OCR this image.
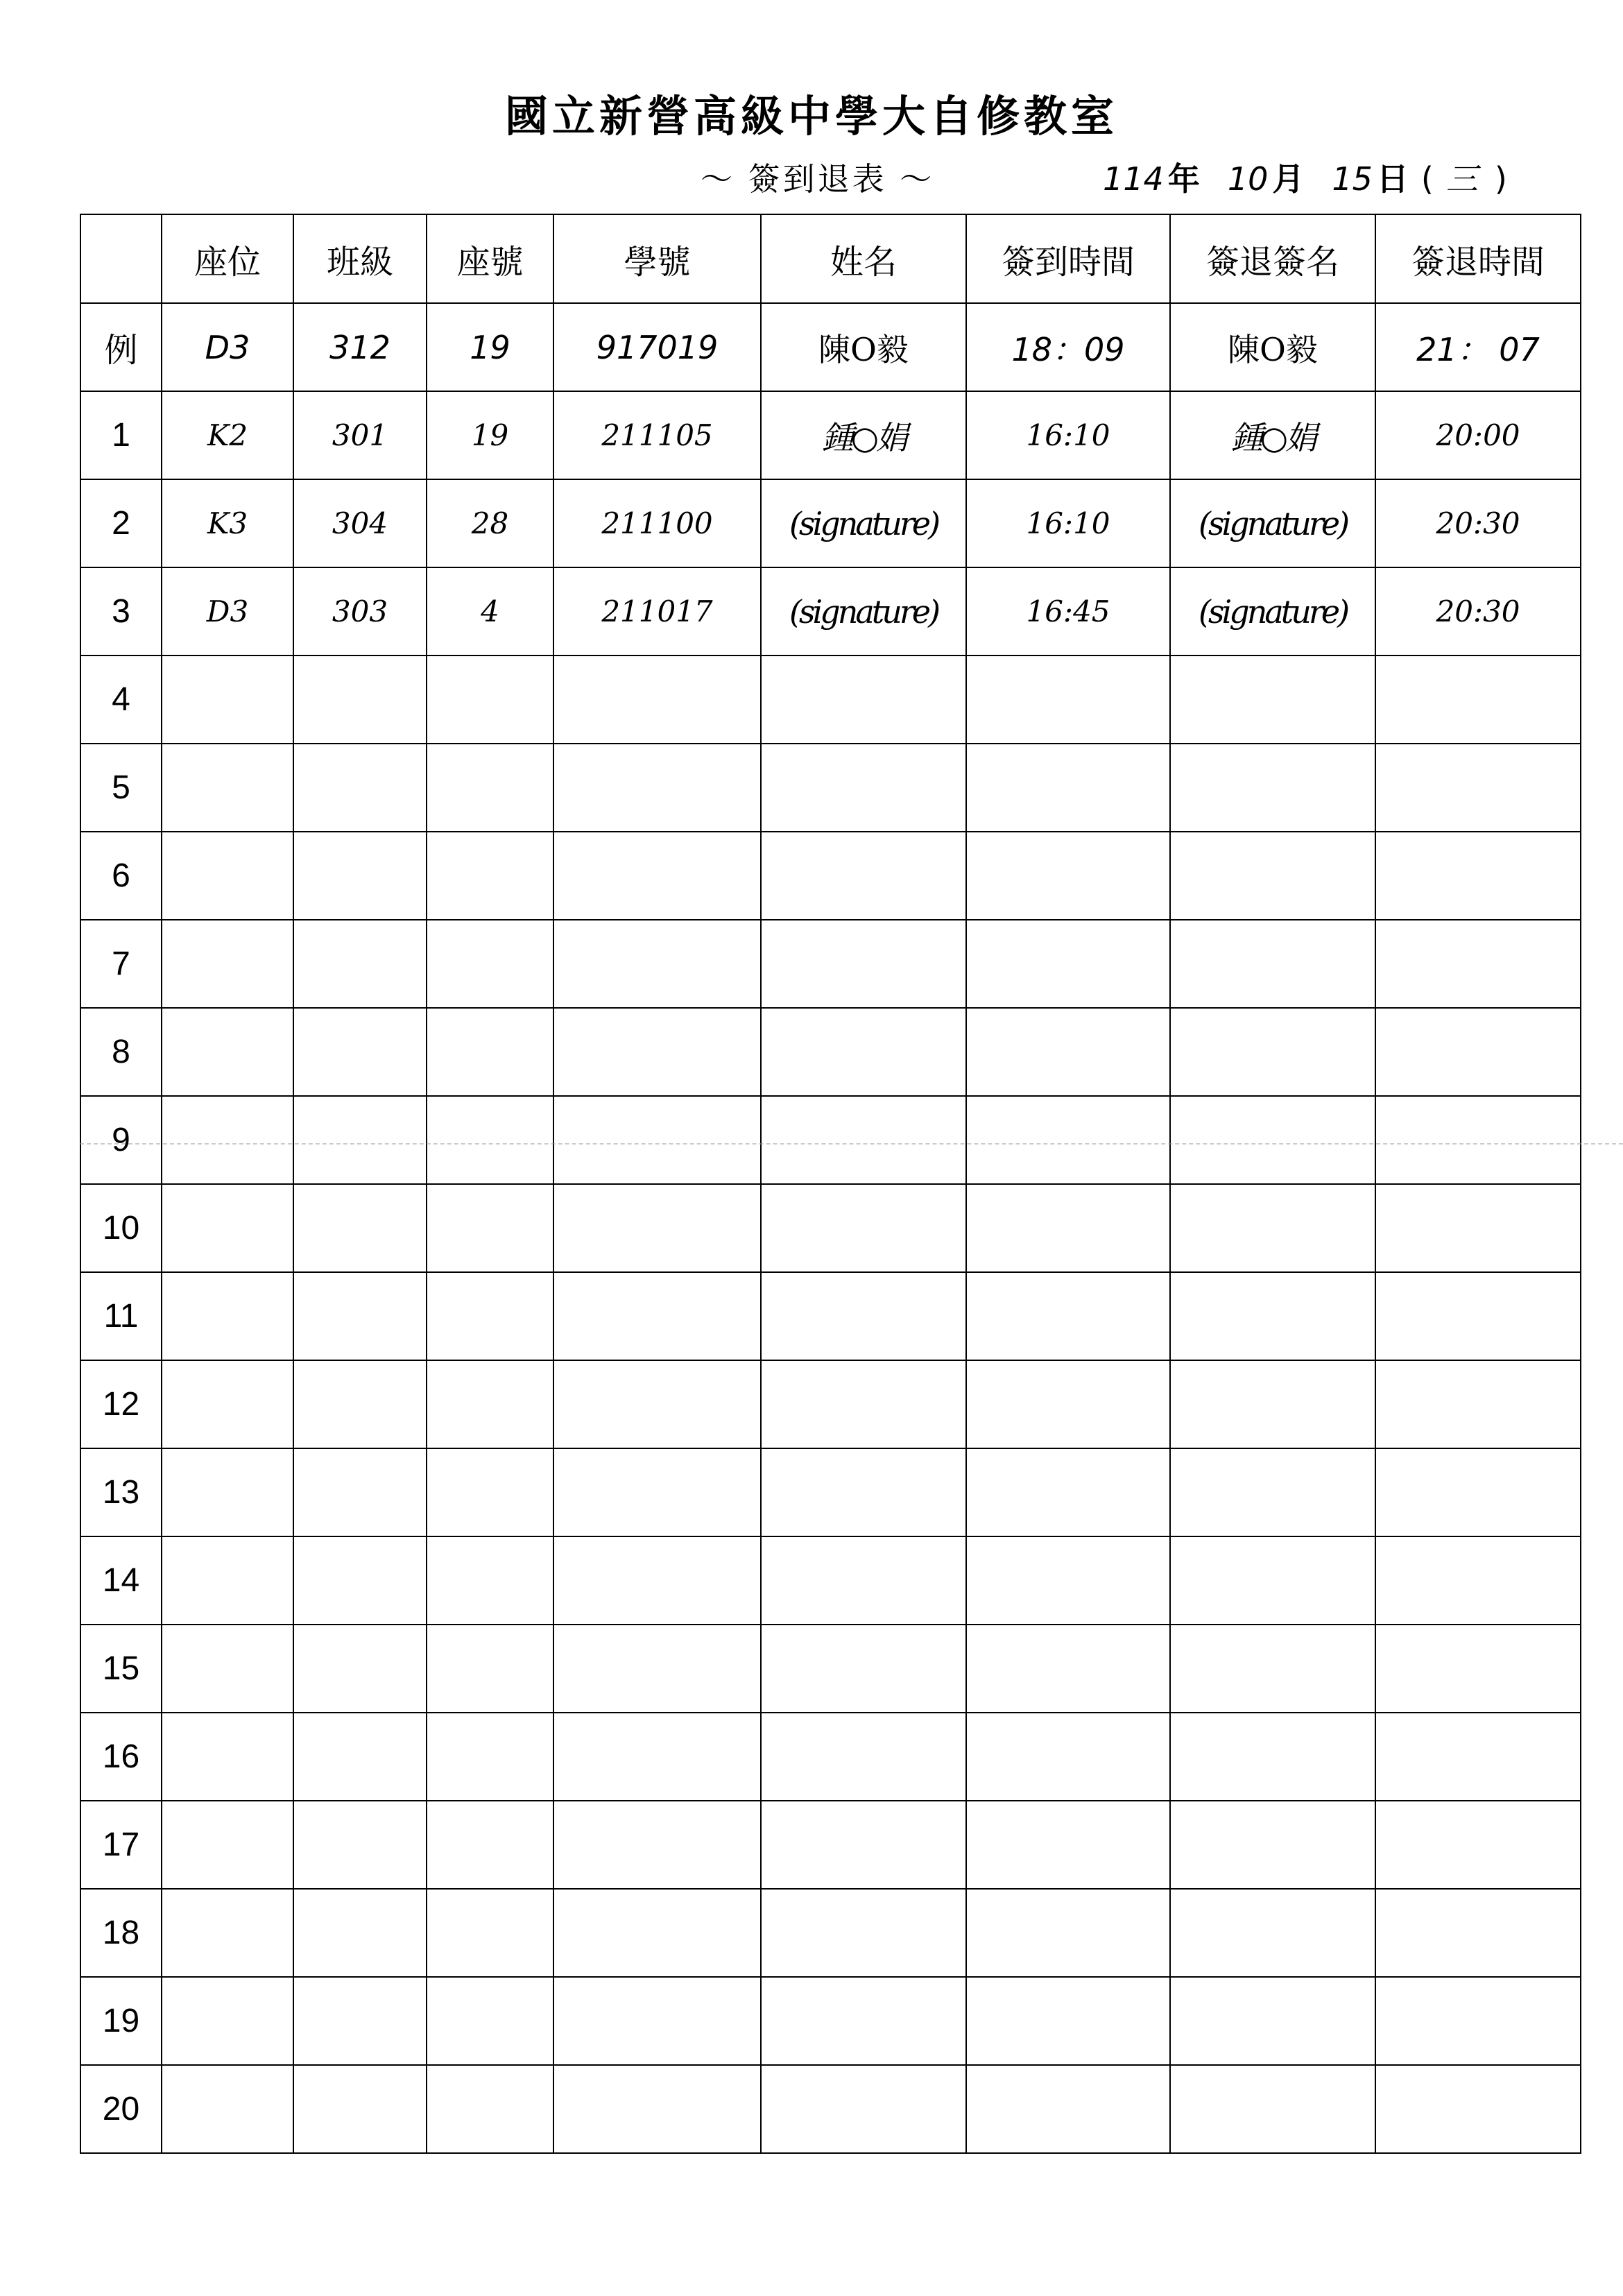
國立新營高級中學大自修教室
～ 簽到退表 ～	114 年 10 月 15 日 ( 三 )
	座位	班級	座號	學號	姓名	簽到時間	簽退簽名	簽退時間
例	D3	312	19	917019	陳O毅	18：09	陳O毅	21： 07
1	K2	301	19	211105	鍾○娟	16:10	鍾○娟	20:00
2	K3	304	28	211100	(signature)	16:10	(signature)	20:30
3	D3	303	4	211017	(signature)	16:45	(signature)	20:30
4								
5								
6								
7								
8								
9								
10								
11								
12								
13								
14								
15								
16								
17								
18								
19								
20								
